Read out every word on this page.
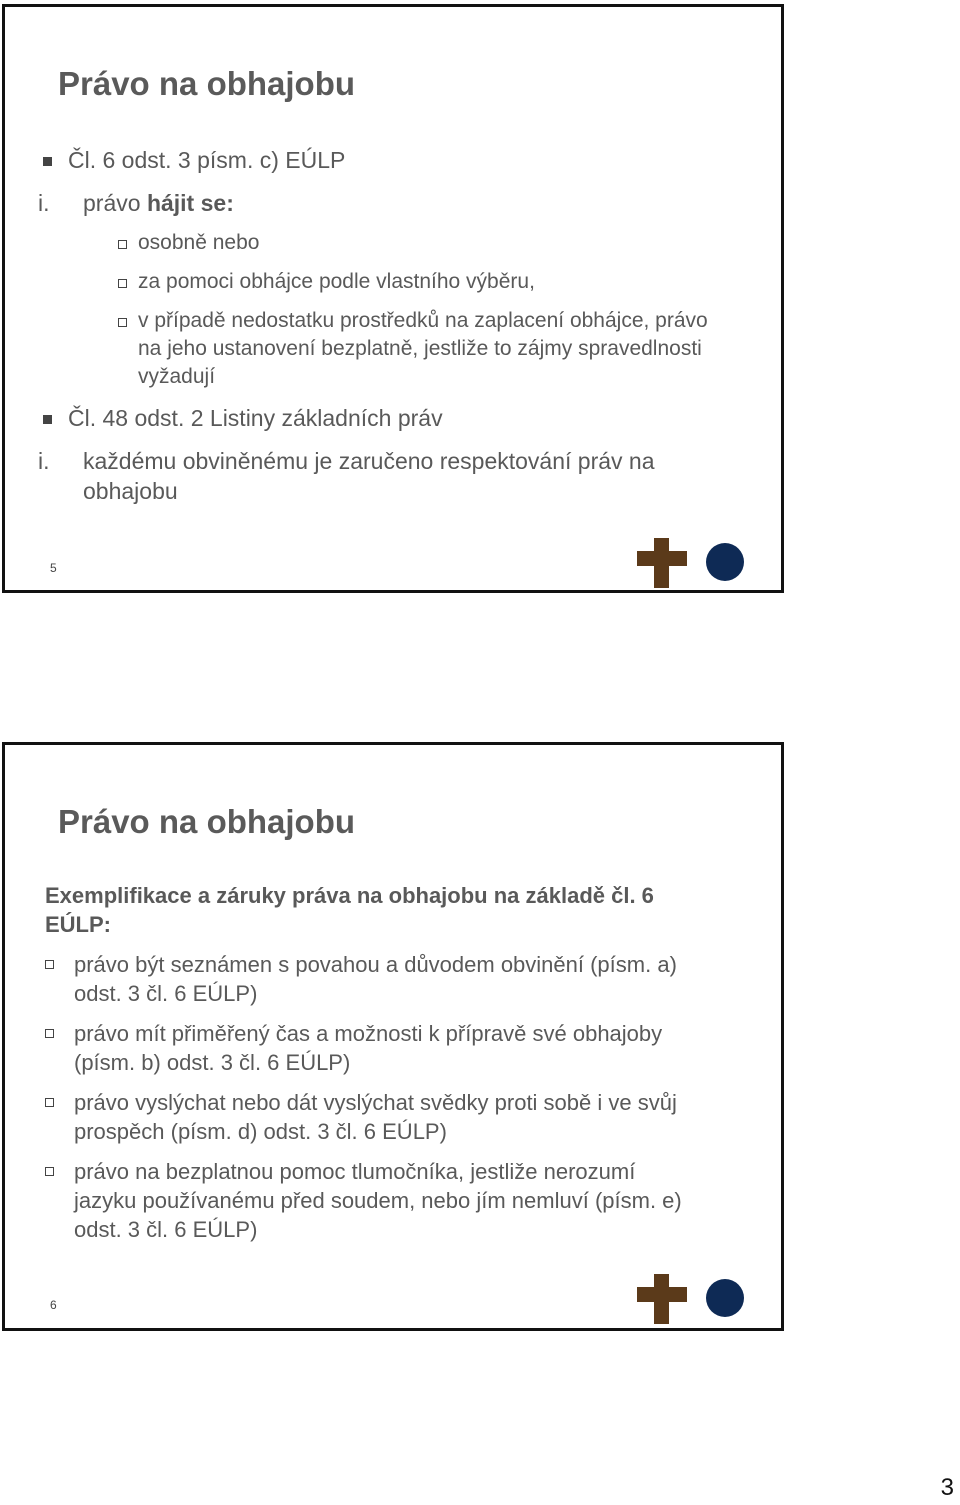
Právo na obhajobu
Čl. 6 odst. 3 písm. c) EÚLP
i. právo hájit se:
osobně nebo
za pomoci obhájce podle vlastního výběru,
v případě nedostatku prostředků na zaplacení obhájce, právo
na jeho ustanovení bezplatně, jestliže to zájmy spravedlnosti
vyžadují
Čl. 48 odst. 2 Listiny základních práv
i. každému obviněnému je zaručeno respektování práv na
obhajobu
5
Právo na obhajobu
Exemplifikace a záruky práva na obhajobu na základě čl. 6
EÚLP:
právo být seznámen s povahou a důvodem obvinění (písm. a)
odst. 3 čl. 6 EÚLP)
právo mít přiměřený čas a možnosti k přípravě své obhajoby
(písm. b) odst. 3 čl. 6 EÚLP)
právo vyslýchat nebo dát vyslýchat svědky proti sobě i ve svůj
prospěch (písm. d) odst. 3 čl. 6 EÚLP)
právo na bezplatnou pomoc tlumočníka, jestliže nerozumí
jazyku používanému před soudem, nebo jím nemluví (písm. e)
odst. 3 čl. 6 EÚLP)
6
3
